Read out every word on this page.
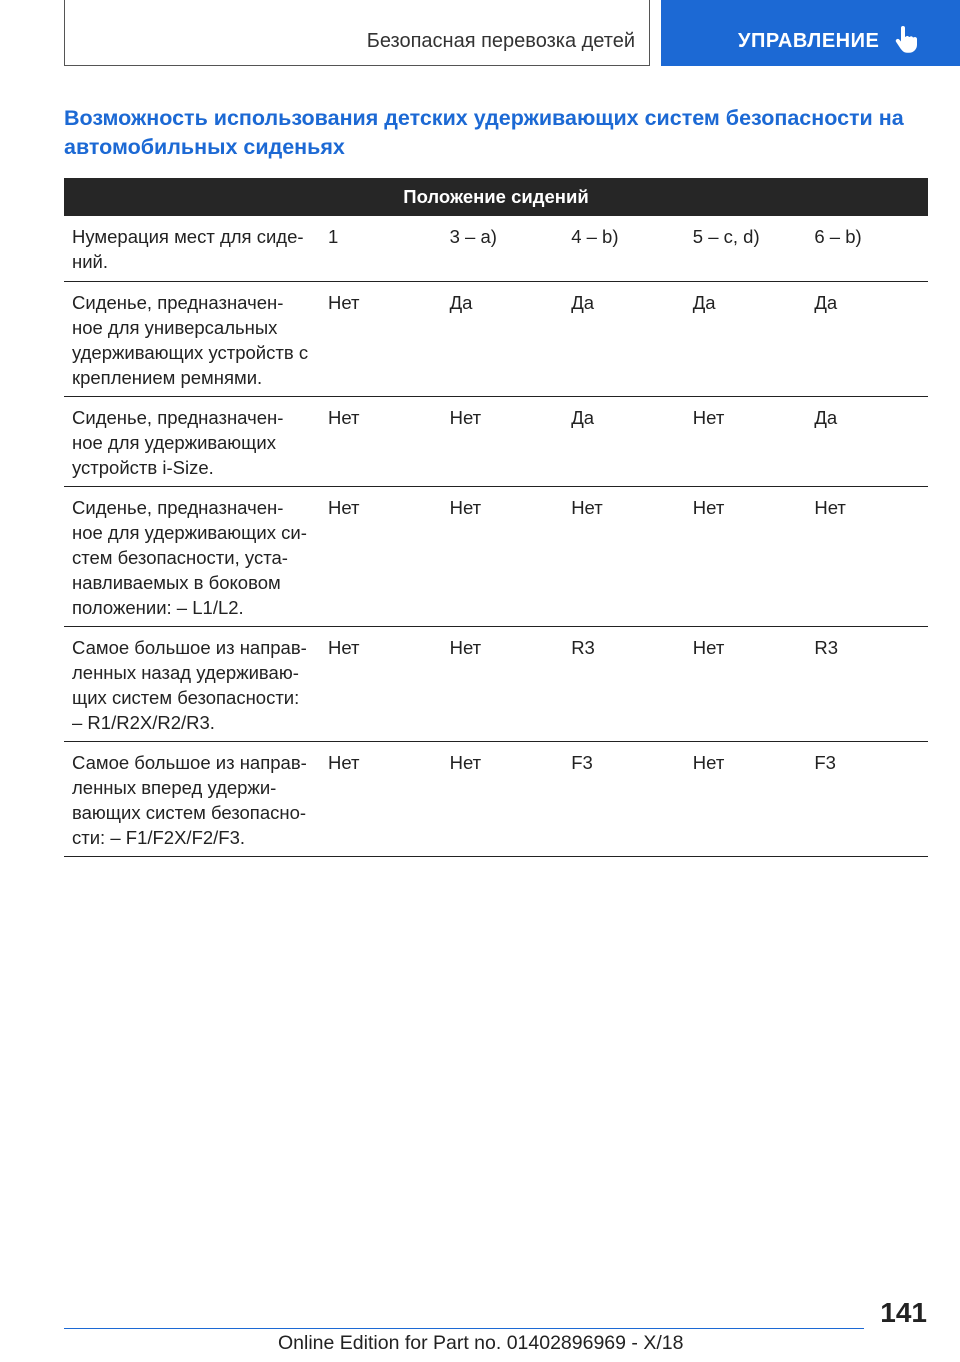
Безопасная перевозка детей	УПРАВЛЕНИЕ
Возможность использования детских удерживающих систем безопасности на автомобильных сиденьях
Положение сидений
Нумерация мест для сиде-
ний.
1	3 – a)	4 – b)	5 – c, d)	6 – b)
Сиденье, предназначен-
ное для универсальных
удерживающих устройств с
креплением ремнями.
Нет	Да	Да	Да	Да
Сиденье, предназначен-
ное для удерживающих
устройств i-Size.
Нет	Нет	Да	Нет	Да
Сиденье, предназначен-
ное для удерживающих си-
стем безопасности, уста-
навливаемых в боковом
положении: – L1/L2.
Нет	Нет	Нет	Нет	Нет
Самое большое из направ-
ленных назад удерживаю-
щих систем безопасности:
– R1/R2X/R2/R3.
Нет	Нет	R3	Нет	R3
Самое большое из направ-
ленных вперед удержи-
вающих систем безопасно-
сти: – F1/F2X/F2/F3.
Нет	Нет	F3	Нет	F3
141
Online Edition for Part no. 01402896969 - X/18
